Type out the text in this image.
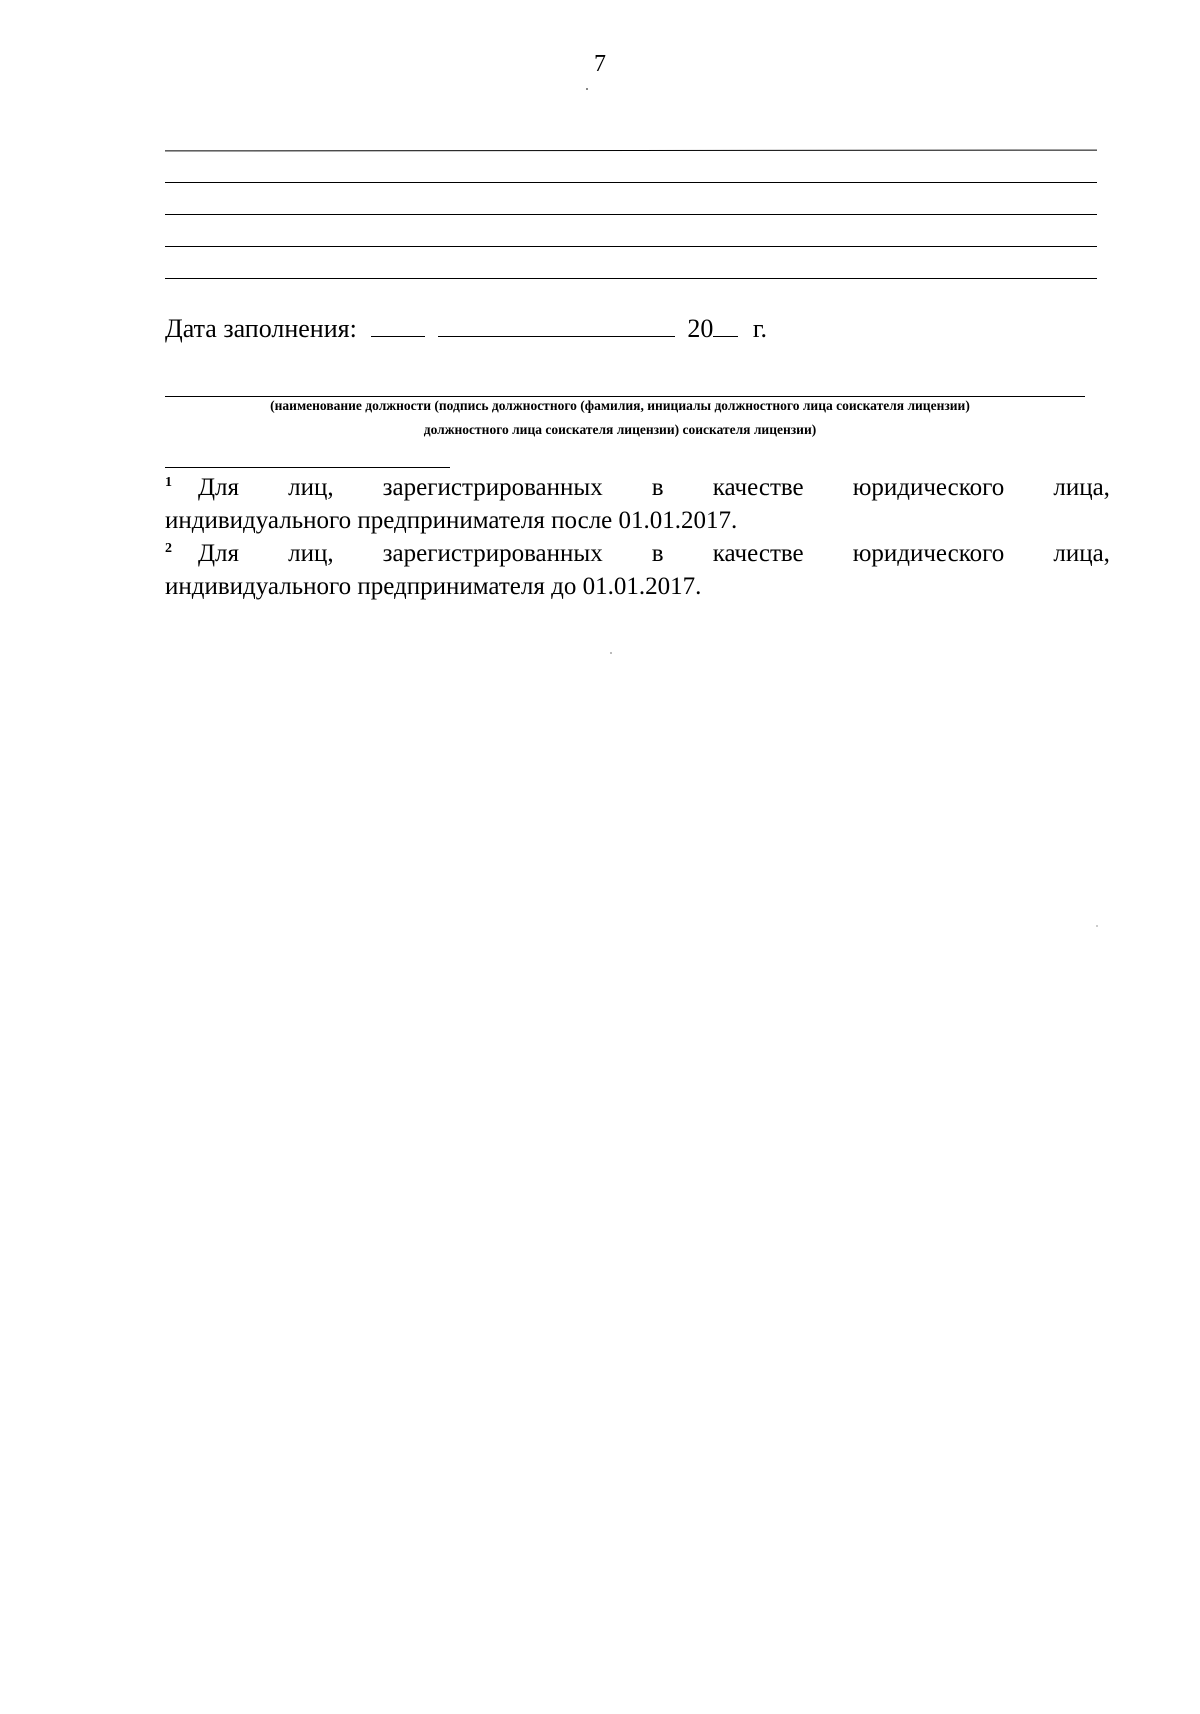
7
Дата заполнения:	20 г.
(наименование должности (подпись должностного (фамилия, инициалы должностного лица соискателя лицензии)
должностного лица соискателя лицензии) соискателя лицензии)
$^1$ Для лиц, зарегистрированных в качестве юридического лица,
индивидуального предпринимателя после 01.01.2017.
$^2$ Для лиц, зарегистрированных в качестве юридического лица,
индивидуального предпринимателя до 01.01.2017.
